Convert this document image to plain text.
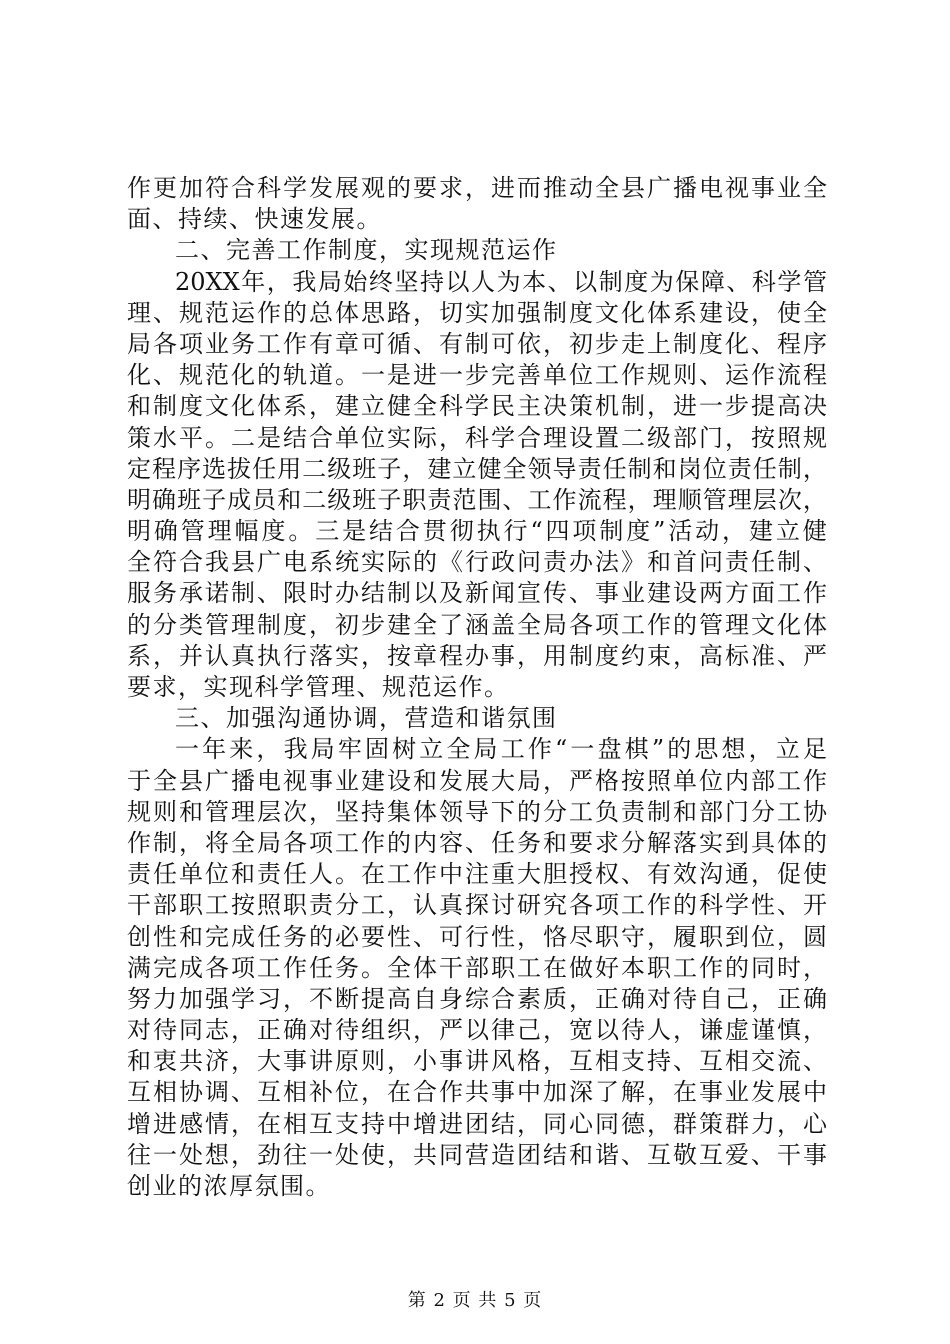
作 更 加 符 合 科 学 发 展 观 的 要 求 ， 进 而 推 动 全 县 广 播 电 视 事 业 全
面、持续、快速发展。
二、完善工作制度，实现规范运作
20XX 年 ， 我 局 始 终 坚 持 以 人 为 本 、 以 制 度 为 保 障 、 科 学 管
理 、 规 范 运 作 的 总 体 思 路 ， 切 实 加 强 制 度 文 化 体 系 建 设 ， 使 全
局 各 项 业 务 工 作 有 章 可 循 、 有 制 可 依 ， 初 步 走 上 制 度 化 、 程 序
化 、 规 范 化 的 轨 道 。 一 是 进 一 步 完 善 单 位 工 作 规 则 、 运 作 流 程
和 制 度 文 化 体 系 ， 建 立 健 全 科 学 民 主 决 策 机 制 ， 进 一 步 提 高 决
策 水 平 。 二 是 结 合 单 位 实 际 ， 科 学 合 理 设 置 二 级 部 门 ， 按 照 规
定 程 序 选 拔 任 用 二 级 班 子 ， 建 立 健 全 领 导 责 任 制 和 岗 位 责 任 制 ，
明 确 班 子 成 员 和 二 级 班 子 职 责 范 围 、 工 作 流 程 ， 理 顺 管 理 层 次 ，
明 确 管 理 幅 度 。 三 是 结 合 贯 彻 执 行 “ 四 项 制 度 ” 活 动 ， 建 立 健
全 符 合 我 县 广 电 系 统 实 际 的 《 行 政 问 责 办 法 》 和 首 问 责 任 制 、
服 务 承 诺 制 、 限 时 办 结 制 以 及 新 闻 宣 传 、 事 业 建 设 两 方 面 工 作
的 分 类 管 理 制 度 ， 初 步 建 全 了 涵 盖 全 局 各 项 工 作 的 管 理 文 化 体
系 ， 并 认 真 执 行 落 实 ， 按 章 程 办 事 ， 用 制 度 约 束 ， 高 标 准 、 严
要求，实现科学管理、规范运作。
三、加强沟通协调，营造和谐氛围
一 年 来 ， 我 局 牢 固 树 立 全 局 工 作 “ 一 盘 棋 ” 的 思 想 ， 立 足
于 全 县 广 播 电 视 事 业 建 设 和 发 展 大 局 ， 严 格 按 照 单 位 内 部 工 作
规 则 和 管 理 层 次 ， 坚 持 集 体 领 导 下 的 分 工 负 责 制 和 部 门 分 工 协
作 制 ， 将 全 局 各 项 工 作 的 内 容 、 任 务 和 要 求 分 解 落 实 到 具 体 的
责 任 单 位 和 责 任 人 。 在 工 作 中 注 重 大 胆 授 权 、 有 效 沟 通 ， 促 使
干 部 职 工 按 照 职 责 分 工 ， 认 真 探 讨 研 究 各 项 工 作 的 科 学 性 、 开
创 性 和 完 成 任 务 的 必 要 性 、 可 行 性 ， 恪 尽 职 守 ， 履 职 到 位 ， 圆
满 完 成 各 项 工 作 任 务 。 全 体 干 部 职 工 在 做 好 本 职 工 作 的 同 时 ，
努 力 加 强 学 习 ， 不 断 提 高 自 身 综 合 素 质 ， 正 确 对 待 自 己 ， 正 确
对 待 同 志 ， 正 确 对 待 组 织 ， 严 以 律 己 ， 宽 以 待 人 ， 谦 虚 谨 慎 ，
和 衷 共 济 ， 大 事 讲 原 则 ， 小 事 讲 风 格 ， 互 相 支 持 、 互 相 交 流 、
互 相 协 调 、 互 相 补 位 ， 在 合 作 共 事 中 加 深 了 解 ， 在 事 业 发 展 中
增 进 感 情 ， 在 相 互 支 持 中 增 进 团 结 ， 同 心 同 德 ， 群 策 群 力 ， 心
往 一 处 想 ， 劲 往 一 处 使 ， 共 同 营 造 团 结 和 谐 、 互 敬 互 爱 、 干 事
创业的浓厚氛围。
第 2 页 共 5 页
